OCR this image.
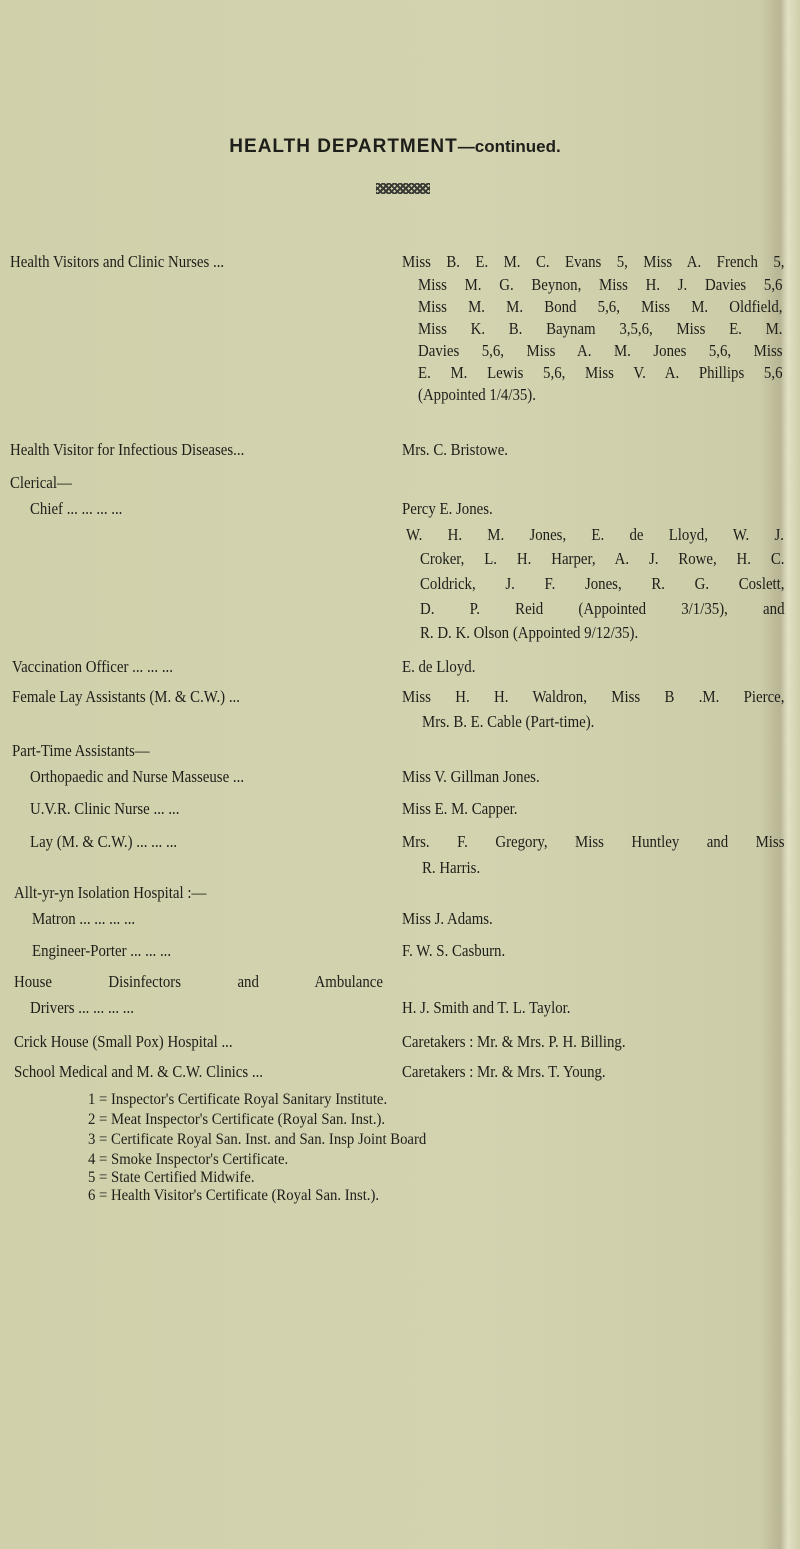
HEALTH DEPARTMENT—continued.
Health Visitors and Clinic Nurses ...	Miss B. E. M. C. Evans 5, Miss A. French 5,
Miss M. G. Beynon, Miss H. J. Davies 5,6
Miss M. M. Bond 5,6, Miss M. Oldfield,
Miss K. B. Baynam 3,5,6, Miss E. M.
Davies 5,6, Miss A. M. Jones 5,6, Miss
E. M. Lewis 5,6, Miss V. A. Phillips 5,6
(Appointed 1/4/35).
Health Visitor for Infectious Diseases...	Mrs. C. Bristowe.
Clerical—
Chief ... ... ... ...	Percy E. Jones.
W. H. M. Jones, E. de Lloyd, W. J.
Croker, L. H. Harper, A. J. Rowe, H. C.
Coldrick, J. F. Jones, R. G. Coslett,
D. P. Reid (Appointed 3/1/35), and
R. D. K. Olson (Appointed 9/12/35).
Vaccination Officer ... ... ...	E. de Lloyd.
Female Lay Assistants (M. & C.W.) ...	Miss H. H. Waldron, Miss B .M. Pierce,
Mrs. B. E. Cable (Part-time).
Part-Time Assistants—
Orthopaedic and Nurse Masseuse ...	Miss V. Gillman Jones.
U.V.R. Clinic Nurse ... ...	Miss E. M. Capper.
Lay (M. & C.W.) ... ... ...	Mrs. F. Gregory, Miss Huntley and Miss
R. Harris.
Allt-yr-yn Isolation Hospital :—
Matron ... ... ... ...	Miss J. Adams.
Engineer-Porter ... ... ...	F. W. S. Casburn.
House Disinfectors and Ambulance
Drivers ... ... ... ...	H. J. Smith and T. L. Taylor.
Crick House (Small Pox) Hospital ...	Caretakers : Mr. & Mrs. P. H. Billing.
School Medical and M. & C.W. Clinics ...	Caretakers : Mr. & Mrs. T. Young.
1 = Inspector's Certificate Royal Sanitary Institute.
2 = Meat Inspector's Certificate (Royal San. Inst.).
3 = Certificate Royal San. Inst. and San. Insp Joint Board
4 = Smoke Inspector's Certificate.
5 = State Certified Midwife.
6 = Health Visitor's Certificate (Royal San. Inst.).
